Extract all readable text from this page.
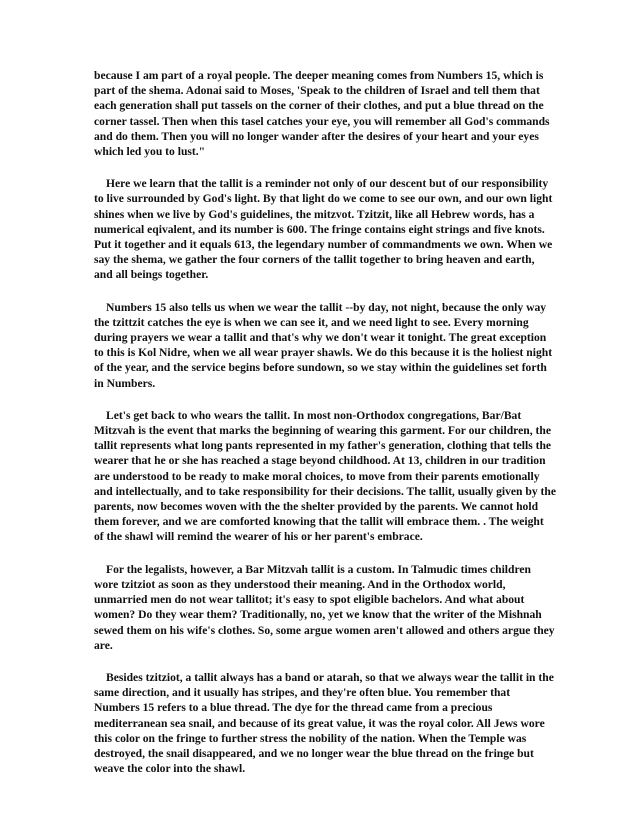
because I am part of a royal people. The deeper meaning comes from Numbers 15, which is part of the shema. Adonai said to Moses, 'Speak to the children of Israel and tell them that each generation shall put tassels on the corner of their clothes, and put a blue thread on the corner tassel. Then when this tasel catches your eye, you will remember all God's commands and do them. Then you will no longer wander after the desires of your heart and your eyes which led you to lust."

Here we learn that the tallit is a reminder not only of our descent but of our responsibility to live surrounded by God's light. By that light do we come to see our own, and our own light shines when we live by God's guidelines, the mitzvot. Tzitzit, like all Hebrew words, has a numerical eqivalent, and its number is 600. The fringe contains eight strings and five knots. Put it together and it equals 613, the legendary number of commandments we own. When we say the shema, we gather the four corners of the tallit together to bring heaven and earth, and all beings together.

Numbers 15 also tells us when we wear the tallit --by day, not night, because the only way the tzittzit catches the eye is when we can see it, and we need light to see. Every morning during prayers we wear a tallit and that's why we don't wear it tonight. The great exception to this is Kol Nidre, when we all wear prayer shawls. We do this because it is the holiest night of the year, and the service begins before sundown, so we stay within the guidelines set forth in Numbers.

Let's get back to who wears the tallit. In most non-Orthodox congregations, Bar/Bat Mitzvah is the event that marks the beginning of wearing this garment. For our children, the tallit represents what long pants represented in my father's generation, clothing that tells the wearer that he or she has reached a stage beyond childhood. At 13, children in our tradition are understood to be ready to make moral choices, to move from their parents emotionally and intellectually, and to take responsibility for their decisions. The tallit, usually given by the parents, now becomes woven with the the shelter provided by the parents. We cannot hold them forever, and we are comforted knowing that the tallit will embrace them. . The weight of the shawl will remind the wearer of his or her parent's embrace.

For the legalists, however, a Bar Mitzvah tallit is a custom. In Talmudic times children wore tzitziot as soon as they understood their meaning. And in the Orthodox world, unmarried men do not wear tallitot; it's easy to spot eligible bachelors. And what about women? Do they wear them? Traditionally, no, yet we know that the writer of the Mishnah sewed them on his wife's clothes. So, some argue women aren't allowed and others argue they are.

Besides tzitziot, a tallit always has a band or atarah, so that we always wear the tallit in the same direction, and it usually has stripes, and they're often blue. You remember that Numbers 15 refers to a blue thread. The dye for the thread came from a precious mediterranean sea snail, and because of its great value, it was the royal color. All Jews wore this color on the fringe to further stress the nobility of the nation. When the Temple was destroyed, the snail disappeared, and we no longer wear the blue thread on the fringe but weave the color into the shawl.
